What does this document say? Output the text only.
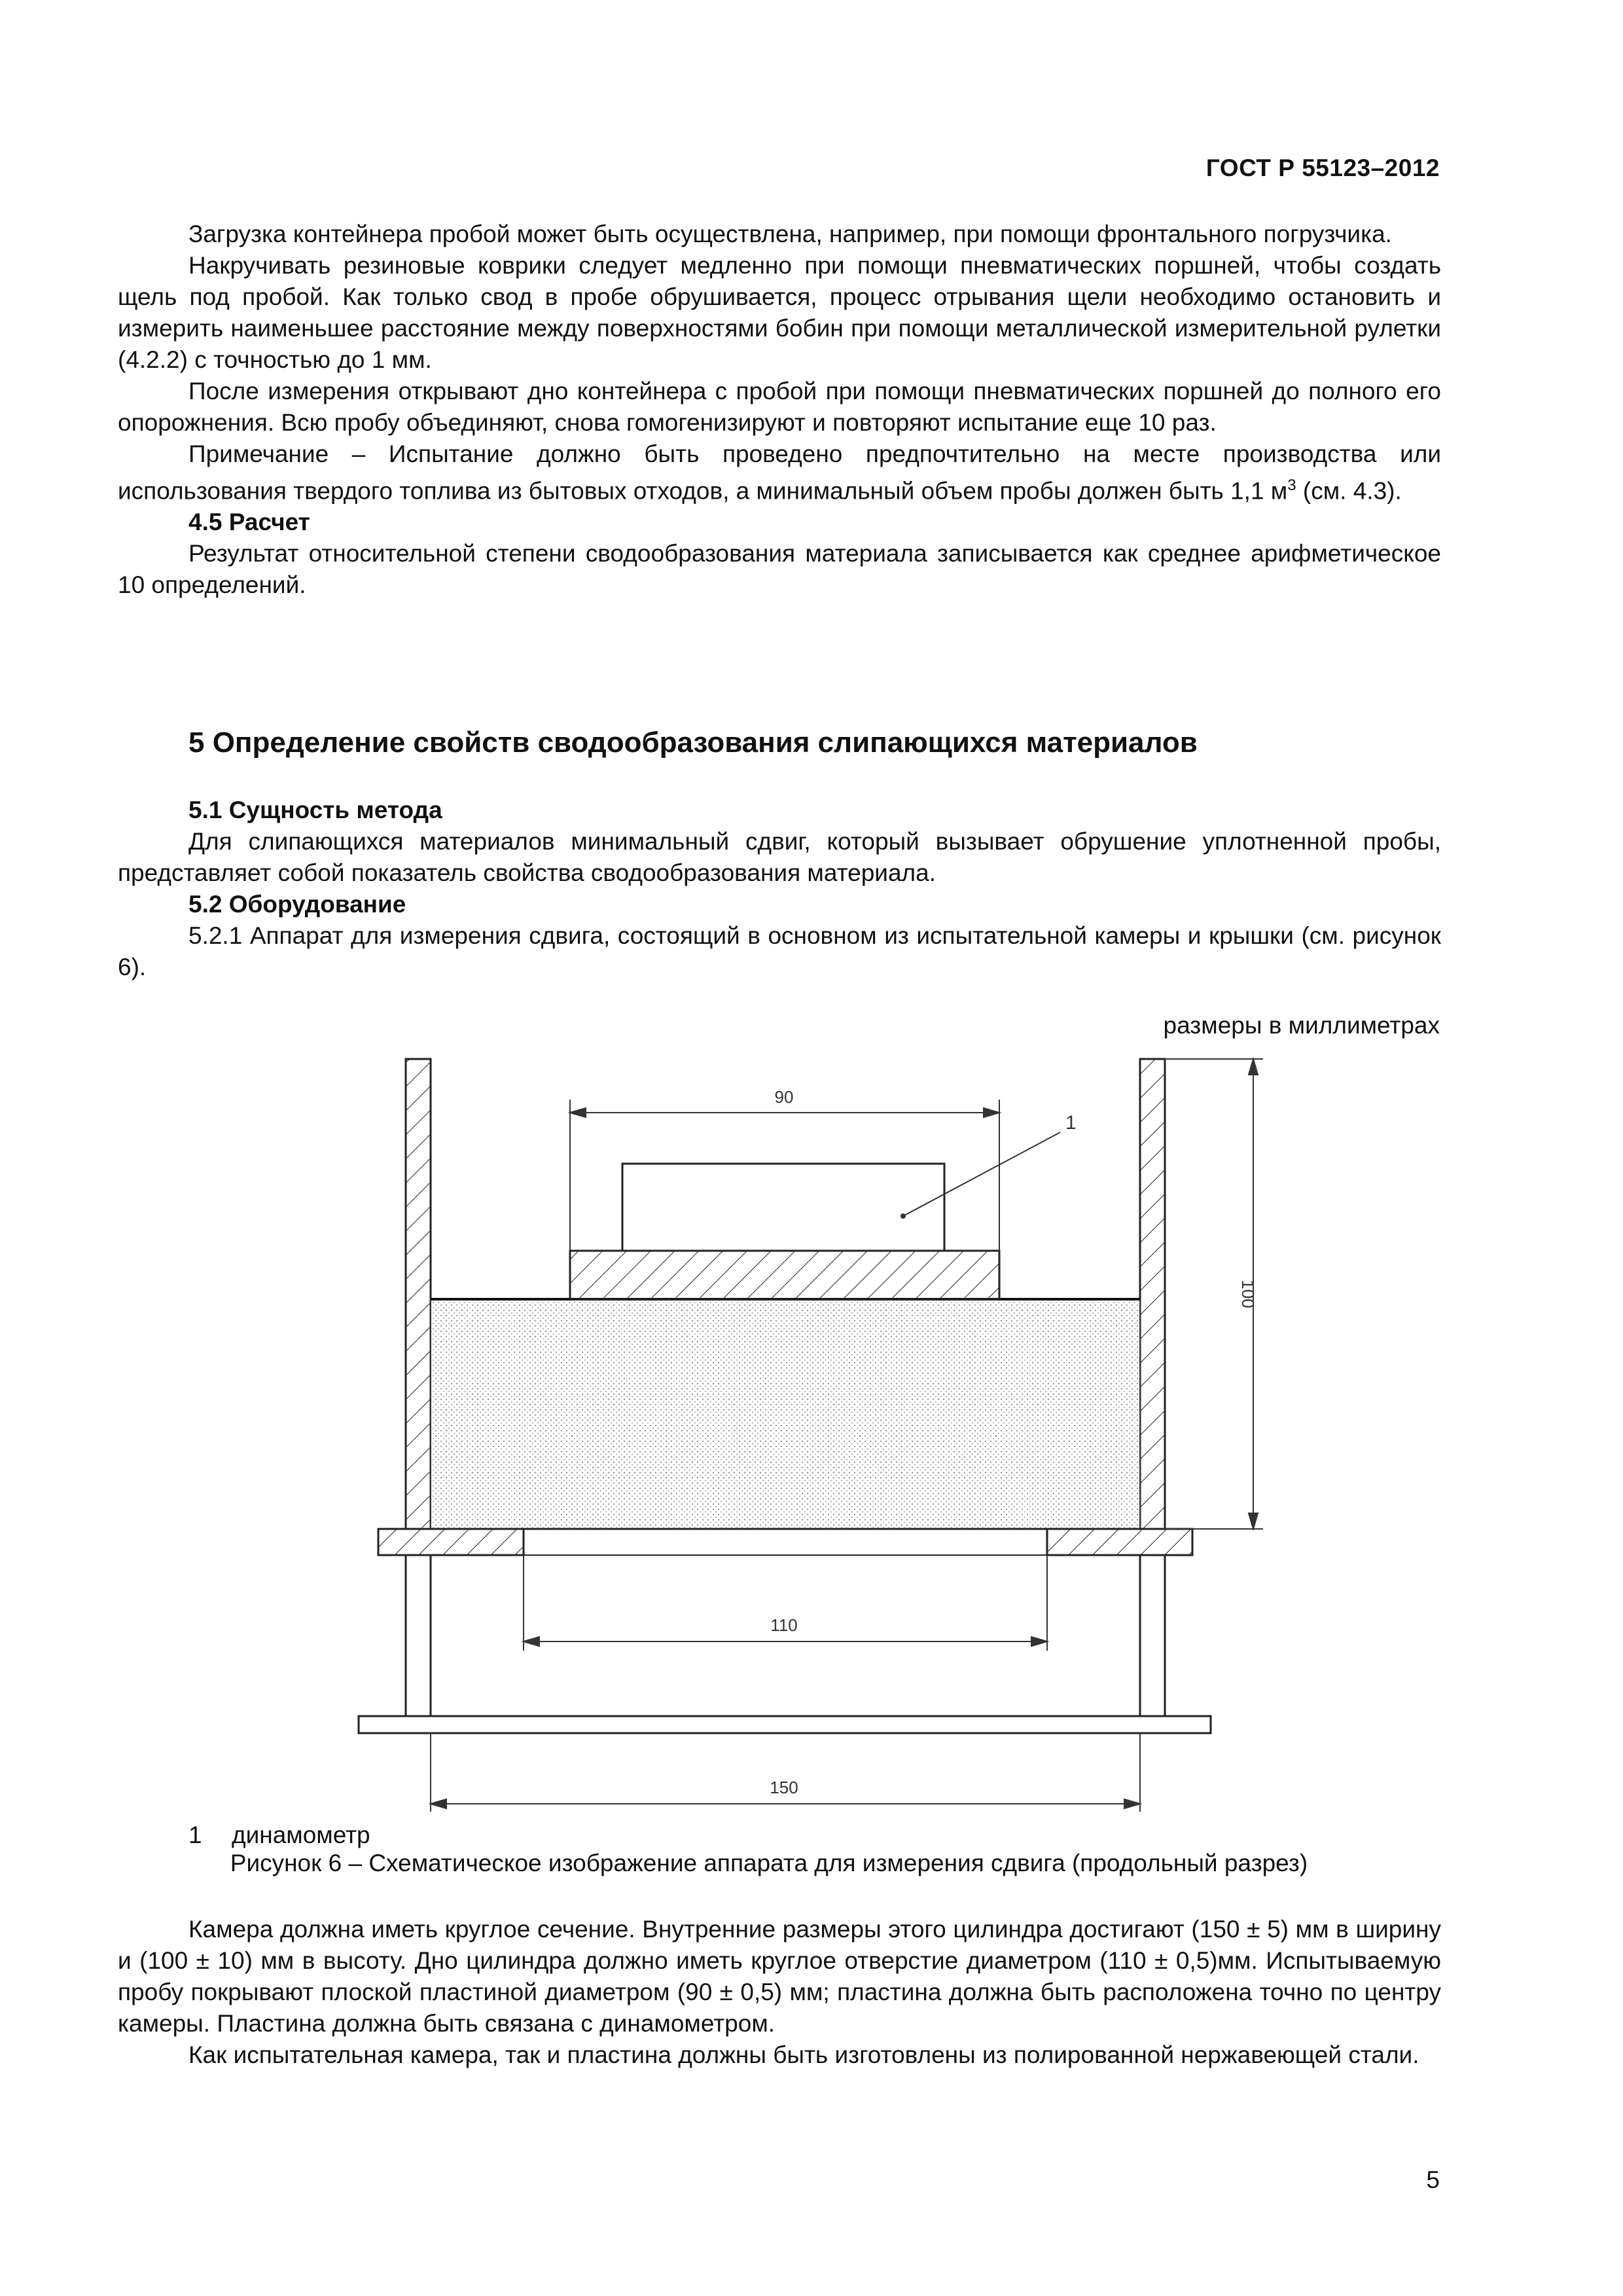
ГОСТ Р 55123–2012

Загрузка контейнера пробой может быть осуществлена, например, при помощи фронтального погрузчика.

Накручивать резиновые коврики следует медленно при помощи пневматических поршней, чтобы создать щель под пробой. Как только свод в пробе обрушивается, процесс отрывания щели необходимо остановить и измерить наименьшее расстояние между поверхностями бобин при помощи металлической измерительной рулетки (4.2.2) с точностью до 1 мм.

После измерения открывают дно контейнера с пробой при помощи пневматических поршней до полного его опорожнения. Всю пробу объединяют, снова гомогенизируют и повторяют испытание еще 10 раз.

Примечание – Испытание должно быть проведено предпочтительно на месте производства или использования твердого топлива из бытовых отходов, а минимальный объем пробы должен быть 1,1 $м^3$ (см. 4.3).

4.5 Расчет

Результат относительной степени сводообразования материала записывается как среднее арифметическое 10 определений.

5 Определение свойств сводообразования слипающихся материалов

5.1 Сущность метода

Для слипающихся материалов минимальный сдвиг, который вызывает обрушение уплотненной пробы, представляет собой показатель свойства сводообразования материала.

5.2 Оборудование

5.2.1 Аппарат для измерения сдвига, состоящий в основном из испытательной камеры и крышки (см. рисунок 6).

размеры в миллиметрах
90
1
100
110
150
1 динамометр
Рисунок 6 – Схематическое изображение аппарата для измерения сдвига (продольный разрез)

Камера должна иметь круглое сечение. Внутренние размеры этого цилиндра достигают (150 ± 5) мм в ширину и (100 ± 10) мм в высоту. Дно цилиндра должно иметь круглое отверстие диаметром (110 ± 0,5)мм. Испытываемую пробу покрывают плоской пластиной диаметром (90 ± 0,5) мм; пластина должна быть расположена точно по центру камеры. Пластина должна быть связана с динамометром.

Как испытательная камера, так и пластина должны быть изготовлены из полированной нержавеющей стали.

5
